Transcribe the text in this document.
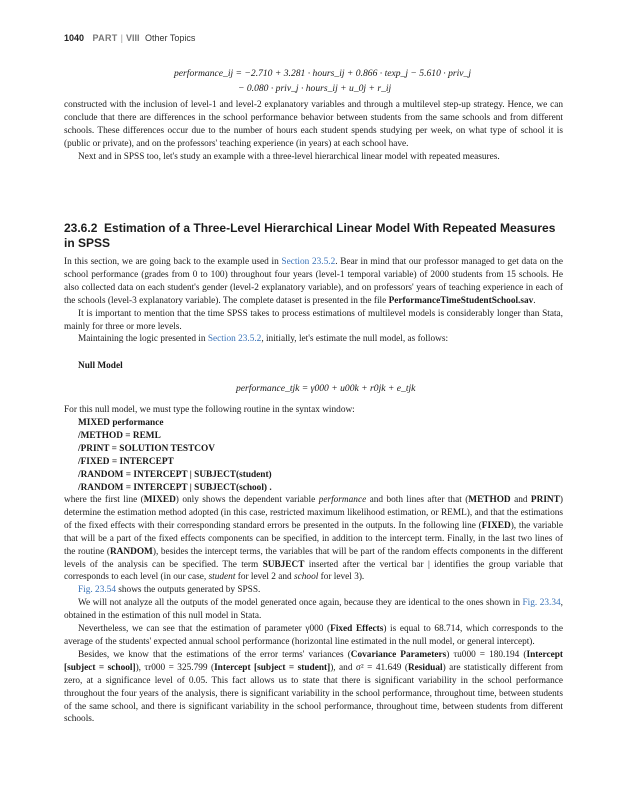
1040 PART | VIII Other Topics
performance_ij = −2.710 + 3.281 · hours_ij + 0.866 · texp_j − 5.610 · priv_j
− 0.080 · priv_j · hours_ij + u_0j + r_ij

constructed with the inclusion of level-1 and level-2 explanatory variables and through a multilevel step-up strategy. Hence, we can conclude that there are differences in the school performance behavior between students from the same schools and from different schools. These differences occur due to the number of hours each student spends studying per week, on what type of school it is (public or private), and on the professors' teaching experience (in years) at each school have.

Next and in SPSS too, let's study an example with a three-level hierarchical linear model with repeated measures.

23.6.2 Estimation of a Three-Level Hierarchical Linear Model With Repeated Measures in SPSS

In this section, we are going back to the example used in Section 23.5.2. Bear in mind that our professor managed to get data on the school performance (grades from 0 to 100) throughout four years (level-1 temporal variable) of 2000 students from 15 schools. He also collected data on each student's gender (level-2 explanatory variable), and on professors' years of teaching experience in each of the schools (level-3 explanatory variable). The complete dataset is presented in the file PerformanceTimeStudentSchool.sav.

It is important to mention that the time SPSS takes to process estimations of multilevel models is considerably longer than Stata, mainly for three or more levels.

Maintaining the logic presented in Section 23.5.2, initially, let's estimate the null model, as follows:

Null Model
performance_tjk = γ000 + u00k + r0jk + e_tjk
For this null model, we must type the following routine in the syntax window:
MIXED performance
/METHOD = REML
/PRINT = SOLUTION TESTCOV
/FIXED = INTERCEPT
/RANDOM = INTERCEPT | SUBJECT(student)
/RANDOM = INTERCEPT | SUBJECT(school) .

where the first line (MIXED) only shows the dependent variable performance and both lines after that (METHOD and PRINT) determine the estimation method adopted (in this case, restricted maximum likelihood estimation, or REML), and that the estimations of the fixed effects with their corresponding standard errors be presented in the outputs. In the following line (FIXED), the variable that will be a part of the fixed effects components can be specified, in addition to the intercept term. Finally, in the last two lines of the routine (RANDOM), besides the intercept terms, the variables that will be part of the random effects components in the different levels of the analysis can be specified. The term SUBJECT inserted after the vertical bar | identifies the group variable that corresponds to each level (in our case, student for level 2 and school for level 3).

Fig. 23.54 shows the outputs generated by SPSS.

We will not analyze all the outputs of the model generated once again, because they are identical to the ones shown in Fig. 23.34, obtained in the estimation of this null model in Stata.

Nevertheless, we can see that the estimation of parameter γ000 (Fixed Effects) is equal to 68.714, which corresponds to the average of the students' expected annual school performance (horizontal line estimated in the null model, or general intercept).

Besides, we know that the estimations of the error terms' variances (Covariance Parameters) τu000 = 180.194 (Intercept [subject = school]), τr000 = 325.799 (Intercept [subject = student]), and σ² = 41.649 (Residual) are statistically different from zero, at a significance level of 0.05. This fact allows us to state that there is significant variability in the school performance throughout the four years of the analysis, there is significant variability in the school performance, throughout time, between students of the same school, and there is significant variability in the school performance, throughout time, between students from different schools.
